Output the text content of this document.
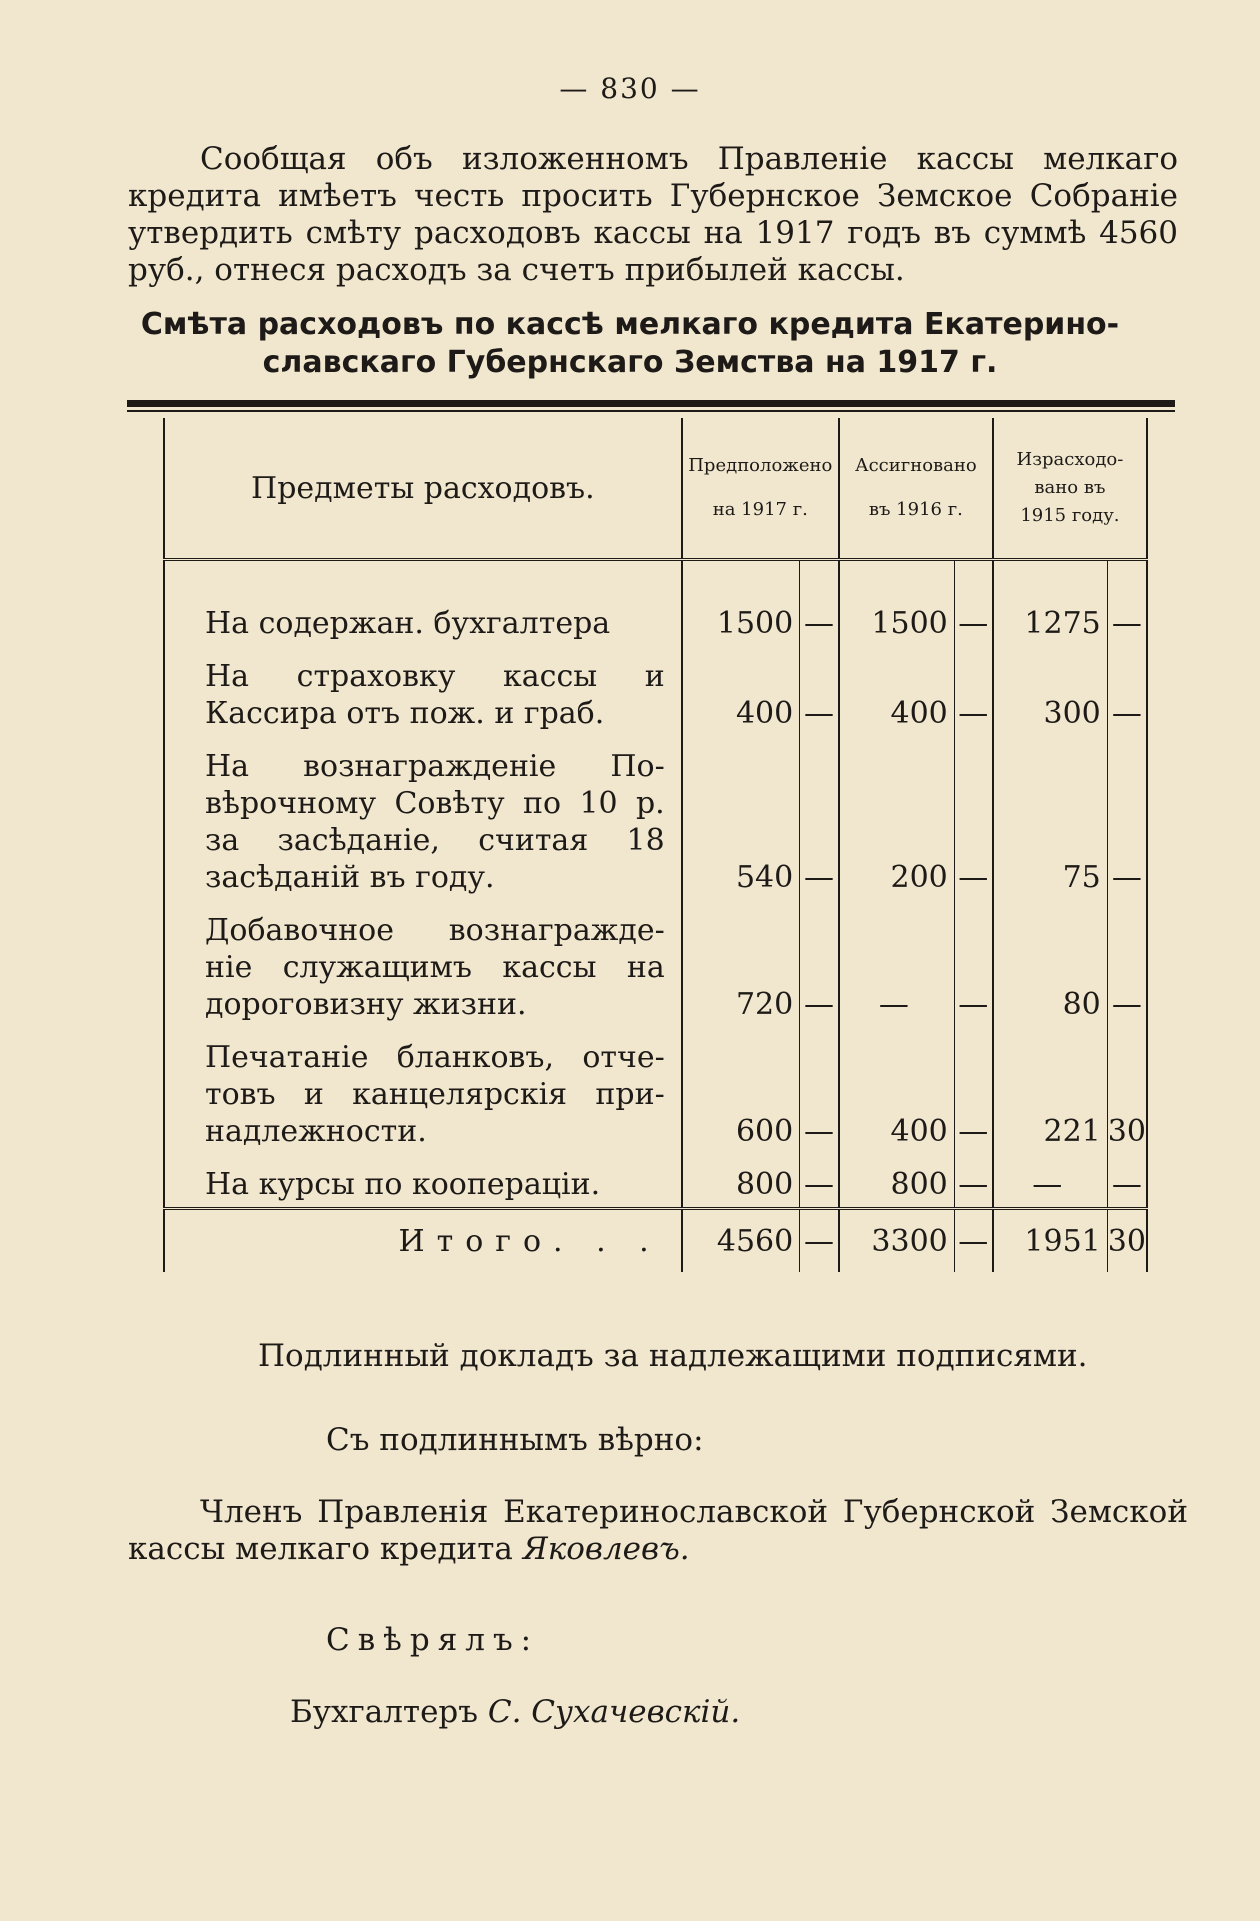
— 830 —
Сообщая объ изложенномъ Правленіе кассы мелкаго кредита имѣетъ честь просить Губернское Земское Собраніе утвердить смѣту расходовъ кассы на 1917 годъ въ суммѣ 4560 руб., отнеся расходъ за счетъ прибылей кассы.
Смѣта расходовъ по кассѣ мелкаго кредита Екатерино-
славскаго Губернскаго Земства на 1917 г.
Предметы расходовъ.	Предположено
на 1917 г.		Ассигновано
въ 1916 г.		Израсходо-
вано въ
1915 году.	

На содержан. бухгалтера	1500	—	1500	—	1275	—

На страховку кассы и
Кассира отъ пож. и граб.	400	—	400	—	300	—

На вознагражденіе По-
вѣрочному Совѣту по 10 р.
за засѣданіе, считая 18
засѣданій въ году.	540	—	200	—	75	—

Добавочное вознагражде-
ніе служащимъ кассы на
дороговизну жизни.	720	—	—	—	80	—

Печатаніе бланковъ, отче-
товъ и канцелярскія при-
надлежности.	600	—	400	—	221	30

На курсы по коопераціи.	800	—	800	—	—	—
Итого. . .	4560	—	3300	—	1951	30
Подлинный докладъ за надлежащими подписями.
Съ подлиннымъ вѣрно:
Членъ Правленія Екатеринославской Губернской Земской кассы мелкаго кредита Яковлевъ.
Свѣрялъ:
Бухгалтеръ С. Сухачевскій.
